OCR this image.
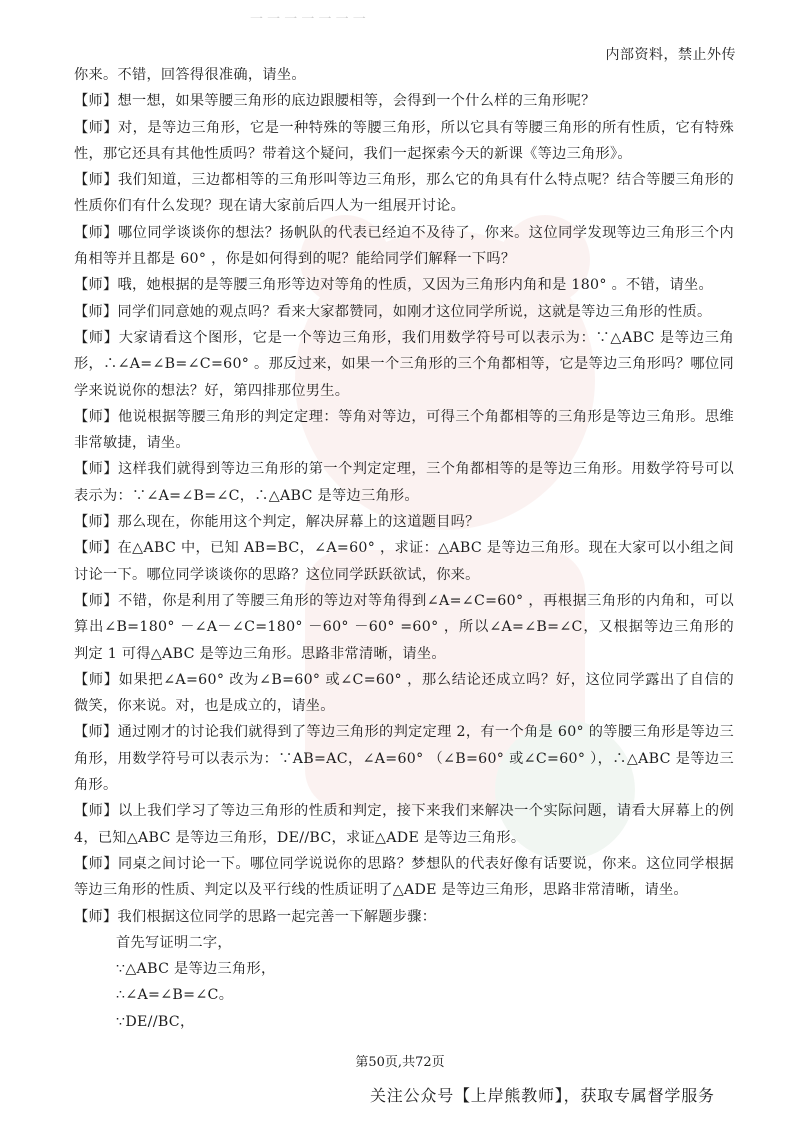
一 一 一 一 一 一 一
内部资料，禁止外传

你来。不错，回答得很准确，请坐。

【师】想一想，如果等腰三角形的底边跟腰相等，会得到一个什么样的三角形呢？

【师】对，是等边三角形，它是一种特殊的等腰三角形，所以它具有等腰三角形的所有性质，它有特殊性，那它还具有其他性质吗？带着这个疑问，我们一起探索今天的新课《等边三角形》。

【师】我们知道，三边都相等的三角形叫等边三角形，那么它的角具有什么特点呢？结合等腰三角形的性质你们有什么发现？现在请大家前后四人为一组展开讨论。

【师】哪位同学谈谈你的想法？扬帆队的代表已经迫不及待了，你来。这位同学发现等边三角形三个内角相等并且都是 60° ，你是如何得到的呢？能给同学们解释一下吗？

【师】哦，她根据的是等腰三角形等边对等角的性质，又因为三角形内角和是 180° 。不错，请坐。

【师】同学们同意她的观点吗？看来大家都赞同，如刚才这位同学所说，这就是等边三角形的性质。

【师】大家请看这个图形，它是一个等边三角形，我们用数学符号可以表示为：∵△ABC 是等边三角形，∴∠A=∠B=∠C=60° 。那反过来，如果一个三角形的三个角都相等，它是等边三角形吗？哪位同学来说说你的想法？好，第四排那位男生。

【师】他说根据等腰三角形的判定定理：等角对等边，可得三个角都相等的三角形是等边三角形。思维非常敏捷，请坐。

【师】这样我们就得到等边三角形的第一个判定定理，三个角都相等的是等边三角形。用数学符号可以表示为：∵∠A=∠B=∠C，∴△ABC 是等边三角形。

【师】那么现在，你能用这个判定，解决屏幕上的这道题目吗？

【师】在△ABC 中，已知 AB=BC，∠A=60° ，求证：△ABC 是等边三角形。现在大家可以小组之间讨论一下。哪位同学谈谈你的思路？这位同学跃跃欲试，你来。

【师】不错，你是利用了等腰三角形的等边对等角得到∠A=∠C=60° ，再根据三角形的内角和，可以算出∠B=180° －∠A－∠C=180° －60° －60° =60° ，所以∠A=∠B=∠C，又根据等边三角形的判定 1 可得△ABC 是等边三角形。思路非常清晰，请坐。

【师】如果把∠A=60° 改为∠B=60° 或∠C=60° ，那么结论还成立吗？好，这位同学露出了自信的微笑，你来说。对，也是成立的，请坐。

【师】通过刚才的讨论我们就得到了等边三角形的判定定理 2，有一个角是 60° 的等腰三角形是等边三角形，用数学符号可以表示为：∵AB=AC，∠A=60° （∠B=60° 或∠C=60° ），∴△ABC 是等边三角形。

【师】以上我们学习了等边三角形的性质和判定，接下来我们来解决一个实际问题，请看大屏幕上的例 4，已知△ABC 是等边三角形，DE//BC，求证△ADE 是等边三角形。

【师】同桌之间讨论一下。哪位同学说说你的思路？梦想队的代表好像有话要说，你来。这位同学根据等边三角形的性质、判定以及平行线的性质证明了△ADE 是等边三角形，思路非常清晰，请坐。

【师】我们根据这位同学的思路一起完善一下解题步骤：

首先写证明二字，

∵△ABC 是等边三角形，

∴∠A=∠B=∠C。

∵DE//BC，

第50页,共72页
关注公众号【上岸熊教师】，获取专属督学服务
